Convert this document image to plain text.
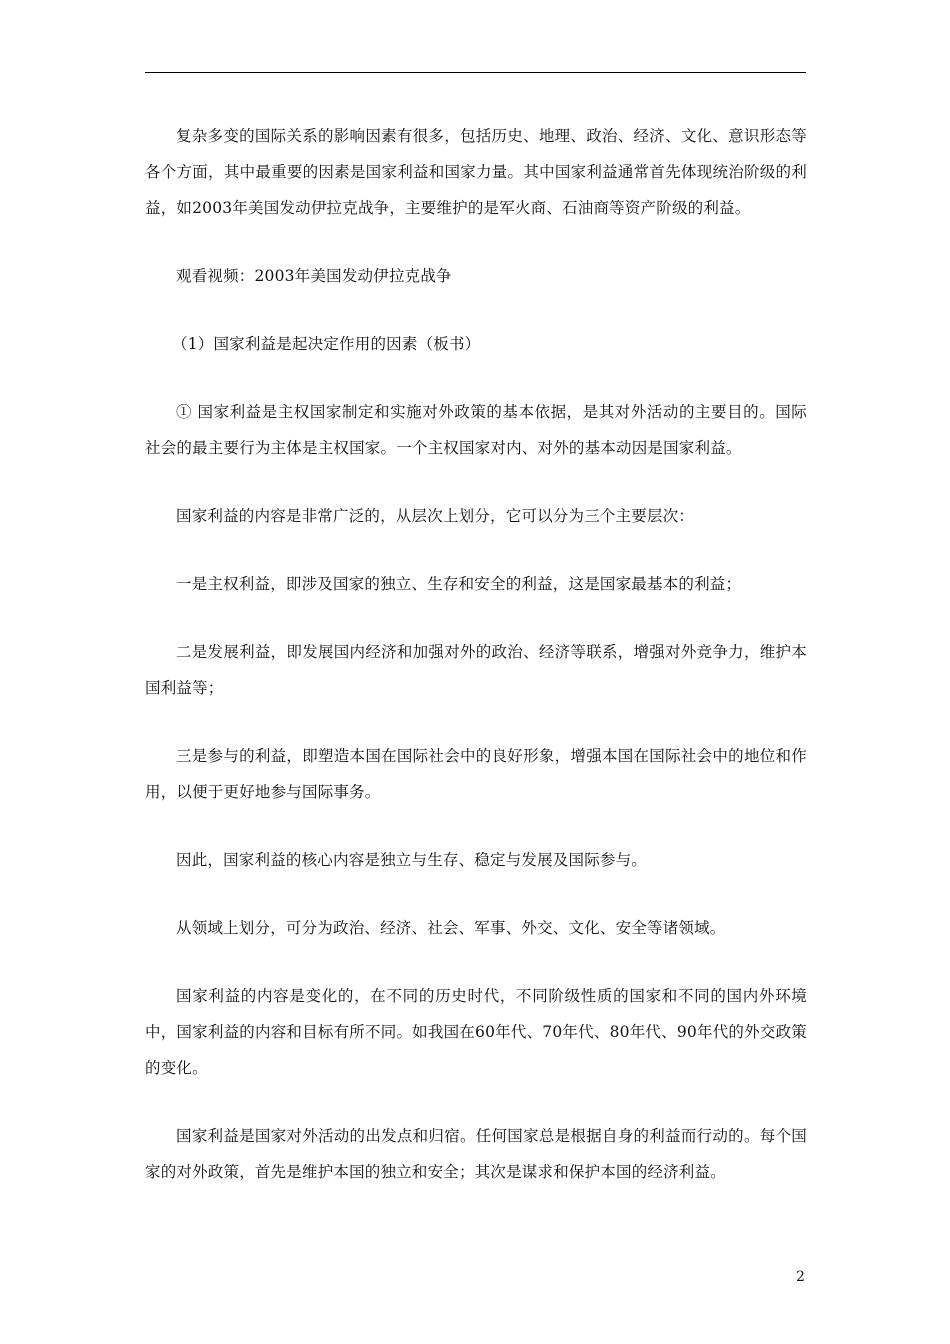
复杂多变的国际关系的影响因素有很多，包括历史、地理、政治、经济、文化、意识形态等各个方面，其中最重要的因素是国家利益和国家力量。其中国家利益通常首先体现统治阶级的利益，如2003年美国发动伊拉克战争，主要维护的是军火商、石油商等资产阶级的利益。

观看视频：2003年美国发动伊拉克战争

（1）国家利益是起决定作用的因素（板书）

① 国家利益是主权国家制定和实施对外政策的基本依据，是其对外活动的主要目的。国际社会的最主要行为主体是主权国家。一个主权国家对内、对外的基本动因是国家利益。

国家利益的内容是非常广泛的，从层次上划分，它可以分为三个主要层次：

一是主权利益，即涉及国家的独立、生存和安全的利益，这是国家最基本的利益；

二是发展利益，即发展国内经济和加强对外的政治、经济等联系，增强对外竞争力，维护本国利益等；

三是参与的利益，即塑造本国在国际社会中的良好形象，增强本国在国际社会中的地位和作用，以便于更好地参与国际事务。

因此，国家利益的核心内容是独立与生存、稳定与发展及国际参与。

从领域上划分，可分为政治、经济、社会、军事、外交、文化、安全等诸领域。

国家利益的内容是变化的，在不同的历史时代，不同阶级性质的国家和不同的国内外环境中，国家利益的内容和目标有所不同。如我国在60年代、70年代、80年代、90年代的外交政策的变化。

国家利益是国家对外活动的出发点和归宿。任何国家总是根据自身的利益而行动的。每个国家的对外政策，首先是维护本国的独立和安全；其次是谋求和保护本国的经济利益。

2
